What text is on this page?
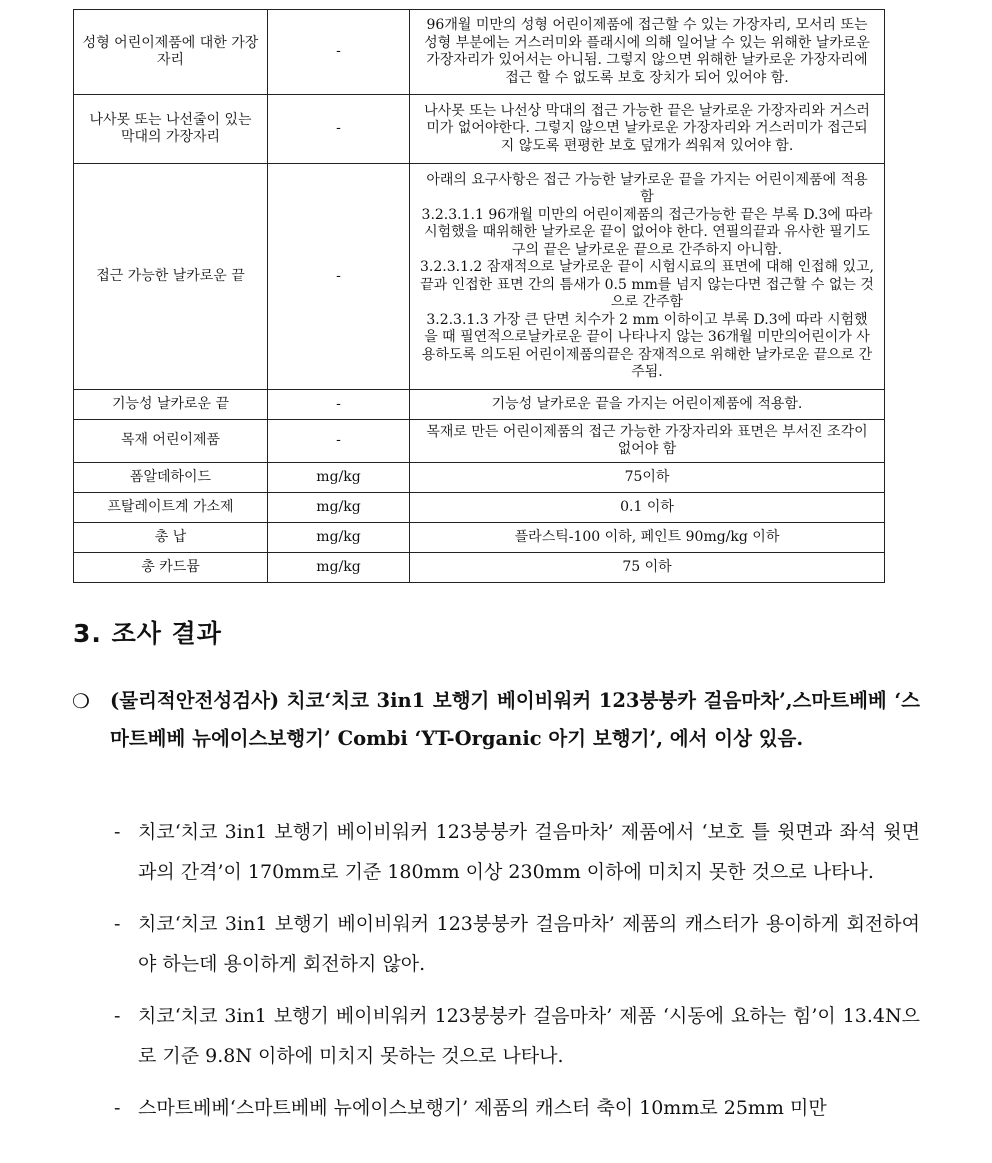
성형 어린이제품에 대한 가장자리	-	96개월 미만의 성형 어린이제품에 접근할 수 있는 가장자리, 모서리 또는 성형 부분에는 거스러미와 플래시에 의해 일어날 수 있는 위해한 날카로운 가장자리가 있어서는 아니됨. 그렇지 않으면 위해한 날카로운 가장자리에 접근 할 수 없도록 보호 장치가 되어 있어야 함.
나사못 또는 나선줄이 있는 막대의 가장자리	-	나사못 또는 나선상 막대의 접근 가능한 끝은 날카로운 가장자리와 거스러미가 없어야한다. 그렇지 않으면 날카로운 가장자리와 거스러미가 접근되지 않도록 편평한 보호 덮개가 씌워져 있어야 함.
접근 가능한 날카로운 끝	-	아래의 요구사항은 접근 가능한 날카로운 끝을 가지는 어린이제품에 적용함
3.2.3.1.1 96개월 미만의 어린이제품의 접근가능한 끝은 부록 D.3에 따라 시험했을 때위해한 날카로운 끝이 없어야 한다. 연필의끝과 유사한 필기도구의 끝은 날카로운 끝으로 간주하지 아니함.
3.2.3.1.2 잠재적으로 날카로운 끝이 시험시료의 표면에 대해 인접해 있고, 끝과 인접한 표면 간의 틈새가 0.5 mm를 넘지 않는다면 접근할 수 없는 것으로 간주함
3.2.3.1.3 가장 큰 단면 치수가 2 mm 이하이고 부록 D.3에 따라 시험했을 때 필연적으로날카로운 끝이 나타나지 않는 36개월 미만의어린이가 사용하도록 의도된 어린이제품의끝은 잠재적으로 위해한 날카로운 끝으로 간주됨.

기능성 날카로운 끝	-	기능성 날카로운 끝을 가지는 어린이제품에 적용함.
목재 어린이제품	-	목재로 만든 어린이제품의 접근 가능한 가장자리와 표면은 부서진 조각이 없어야 함
폼알데하이드	mg/kg	75이하
프탈레이트계 가소제	mg/kg	0.1 이하
총 납	mg/kg	플라스틱-100 이하, 페인트 90mg/kg 이하
총 카드뮴	mg/kg	75 이하
3. 조사 결과

❍ (물리적안전성검사) 치코‘치코 3in1 보행기 베이비워커 123붕붕카 걸음마차’,스마트베베 ‘스마트베베 뉴에이스보행기’ Combi ‘YT-Organic 아기 보행기’, 에서 이상 있음.

- 치코‘치코 3in1 보행기 베이비워커 123붕붕카 걸음마차’ 제품에서 ‘보호 틀 윗면과 좌석 윗면과의 간격’이 170mm로 기준 180mm 이상 230mm 이하에 미치지 못한 것으로 나타나.
- 치코‘치코 3in1 보행기 베이비워커 123붕붕카 걸음마차’ 제품의 캐스터가 용이하게 회전하여야 하는데 용이하게 회전하지 않아.
- 치코‘치코 3in1 보행기 베이비워커 123붕붕카 걸음마차’ 제품 ‘시동에 요하는 힘’이 13.4N으로 기준 9.8N 이하에 미치지 못하는 것으로 나타나.
- 스마트베베‘스마트베베 뉴에이스보행기’ 제품의 캐스터 축이 10mm로 25mm 미만
